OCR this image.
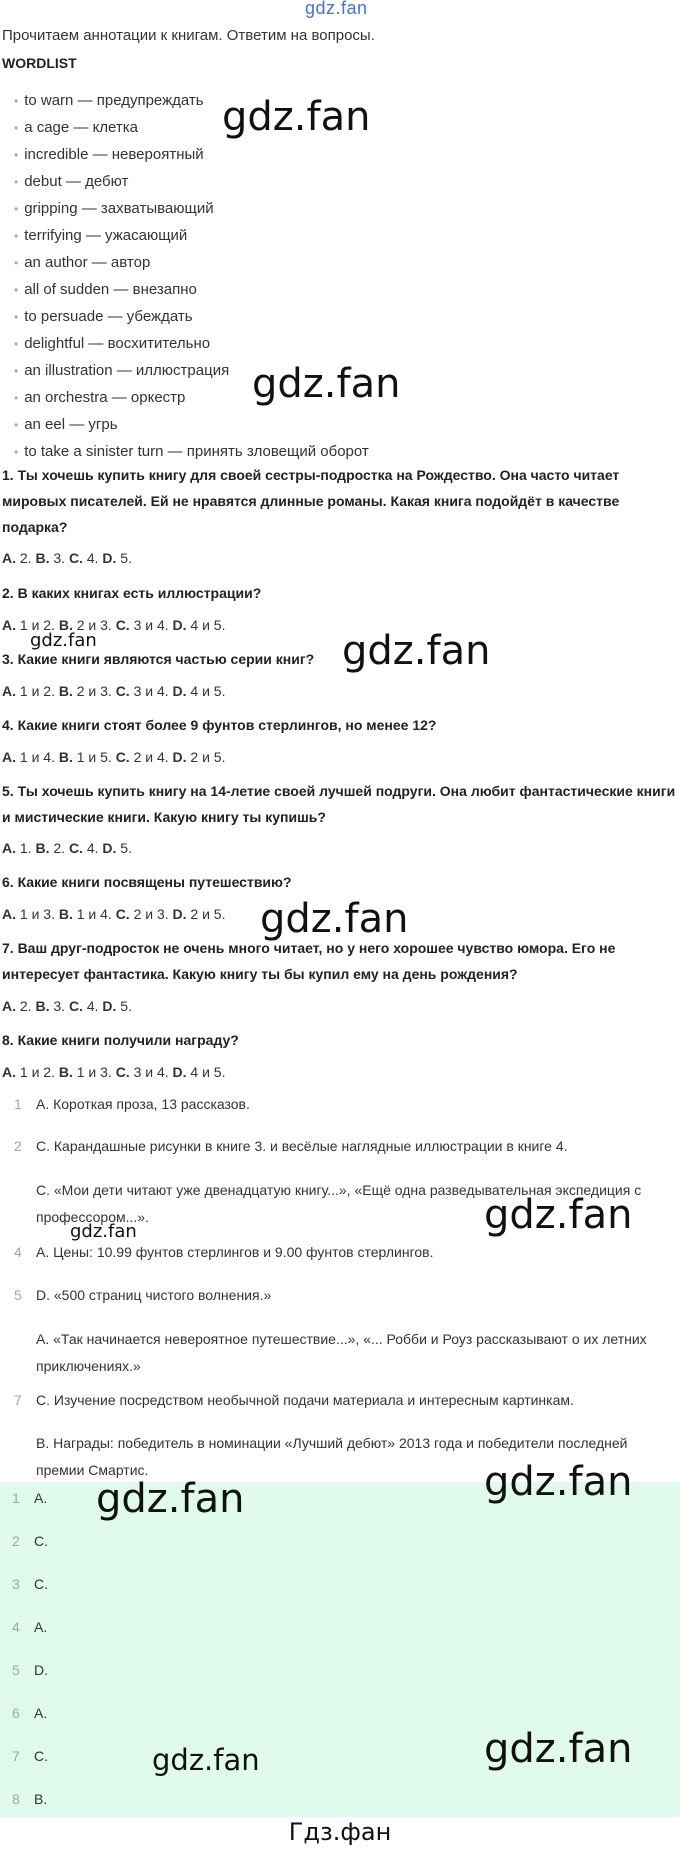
gdz.fan
Прочитаем аннотации к книгам. Ответим на вопросы.
WORDLIST
• to warn — предупреждать
• a cage — клетка
• incredible — невероятный
• debut — дебют
• gripping — захватывающий
• terrifying — ужасающий
• an author — автор
• all of sudden — внезапно
• to persuade — убеждать
• delightful — восхитительно
• an illustration — иллюстрация
• an orchestra — оркестр
• an eel — угрь
• to take a sinister turn — принять зловещий оборот
1. Ты хочешь купить книгу для своей сестры-подростка на Рождество. Она часто читает мировых писателей. Ей не нравятся длинные романы. Какая книга подойдёт в качестве подарка?
A. 2. B. 3. C. 4. D. 5.
2. В каких книгах есть иллюстрации?
A. 1 и 2. B. 2 и 3. C. 3 и 4. D. 4 и 5.
3. Какие книги являются частью серии книг?
A. 1 и 2. B. 2 и 3. C. 3 и 4. D. 4 и 5.
4. Какие книги стоят более 9 фунтов стерлингов, но менее 12?
A. 1 и 4. B. 1 и 5. C. 2 и 4. D. 2 и 5.
5. Ты хочешь купить книгу на 14-летие своей лучшей подруги. Она любит фантастические книги и мистические книги. Какую книгу ты купишь?
A. 1. B. 2. C. 4. D. 5.
6. Какие книги посвящены путешествию?
A. 1 и 3. B. 1 и 4. C. 2 и 3. D. 2 и 5.
7. Ваш друг-подросток не очень много читает, но у него хорошее чувство юмора. Его не интересует фантастика. Какую книгу ты бы купил ему на день рождения?
A. 2. B. 3. C. 4. D. 5.
8. Какие книги получили награду?
A. 1 и 2. B. 1 и 3. C. 3 и 4. D. 4 и 5.
1 A. Короткая проза, 13 рассказов.
2 C. Карандашные рисунки в книге 3. и весёлые наглядные иллюстрации в книге 4.
C. «Мои дети читают уже двенадцатую книгу...», «Ещё одна разведывательная экспедиция с профессором...».
4 A. Цены: 10.99 фунтов стерлингов и 9.00 фунтов стерлингов.
5 D. «500 страниц чистого волнения.»
A. «Так начинается невероятное путешествие...», «... Робби и Роуз рассказывают о их летних приключениях.»
7 C. Изучение посредством необычной подачи материала и интересным картинкам.
B. Награды: победитель в номинации «Лучший дебют» 2013 года и победители последней премии Смартис.
1 A.
2 C.
3 C.
4 A.
5 D.
6 A.
7 C.
8 B.
gdz.fan
gdz.fan
gdz.fan	gdz.fan
gdz.fan
gdz.fan
gdz.fan
gdz.fan	gdz.fan
gdz.fan	gdz.fan
Гдз.фан
